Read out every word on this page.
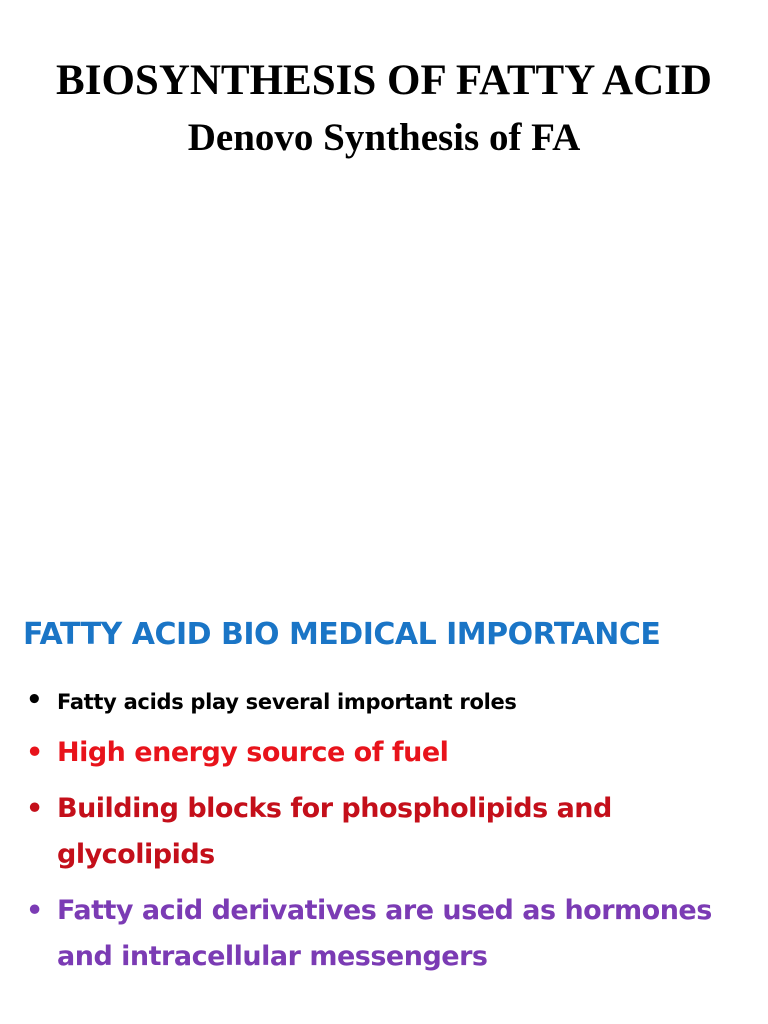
BIOSYNTHESIS OF FATTY ACID
Denovo Synthesis of FA
FATTY ACID BIO MEDICAL IMPORTANCE
• Fatty acids play several important roles
• High energy source of fuel
• Building blocks for phospholipids and glycolipids
• Fatty acid derivatives are used as hormones and intracellular messengers
